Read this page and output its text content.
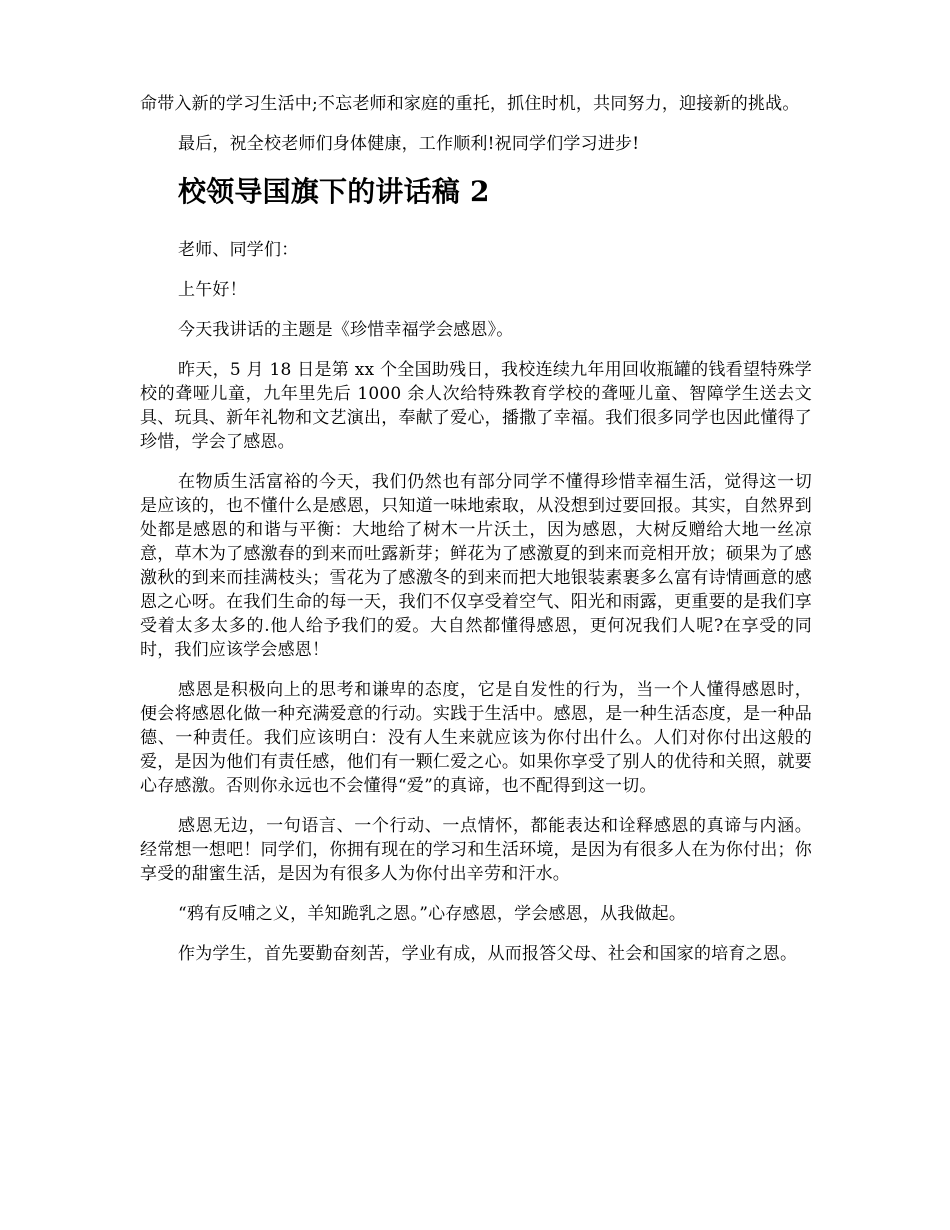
命带入新的学习生活中;不忘老师和家庭的重托，抓住时机，共同努力，迎接新的挑战。

最后，祝全校老师们身体健康，工作顺利!祝同学们学习进步!

校领导国旗下的讲话稿 2

老师、同学们：

上午好！

今天我讲话的主题是《珍惜幸福学会感恩》。

昨天，5 月 18 日是第 xx 个全国助残日，我校连续九年用回收瓶罐的钱看望特殊学校的聋哑儿童，九年里先后 1000 余人次给特殊教育学校的聋哑儿童、智障学生送去文具、玩具、新年礼物和文艺演出，奉献了爱心，播撒了幸福。我们很多同学也因此懂得了珍惜，学会了感恩。

在物质生活富裕的今天，我们仍然也有部分同学不懂得珍惜幸福生活，觉得这一切是应该的，也不懂什么是感恩，只知道一味地索取，从没想到过要回报。其实，自然界到处都是感恩的和谐与平衡：大地给了树木一片沃土，因为感恩，大树反赠给大地一丝凉意，草木为了感激春的到来而吐露新芽；鲜花为了感激夏的到来而竞相开放；硕果为了感激秋的到来而挂满枝头；雪花为了感激冬的到来而把大地银装素裹多么富有诗情画意的感恩之心呀。在我们生命的每一天，我们不仅享受着空气、阳光和雨露，更重要的是我们享受着太多太多的.他人给予我们的爱。大自然都懂得感恩，更何况我们人呢?在享受的同时，我们应该学会感恩！

感恩是积极向上的思考和谦卑的态度，它是自发性的行为，当一个人懂得感恩时，便会将感恩化做一种充满爱意的行动。实践于生活中。感恩，是一种生活态度，是一种品德、一种责任。我们应该明白：没有人生来就应该为你付出什么。人们对你付出这般的爱，是因为他们有责任感，他们有一颗仁爱之心。如果你享受了别人的优待和关照，就要心存感激。否则你永远也不会懂得“爱”的真谛，也不配得到这一切。

感恩无边，一句语言、一个行动、一点情怀，都能表达和诠释感恩的真谛与内涵。经常想一想吧！同学们，你拥有现在的学习和生活环境，是因为有很多人在为你付出；你享受的甜蜜生活，是因为有很多人为你付出辛劳和汗水。

“鸦有反哺之义，羊知跪乳之恩。”心存感恩，学会感恩，从我做起。

作为学生，首先要勤奋刻苦，学业有成，从而报答父母、社会和国家的培育之恩。
